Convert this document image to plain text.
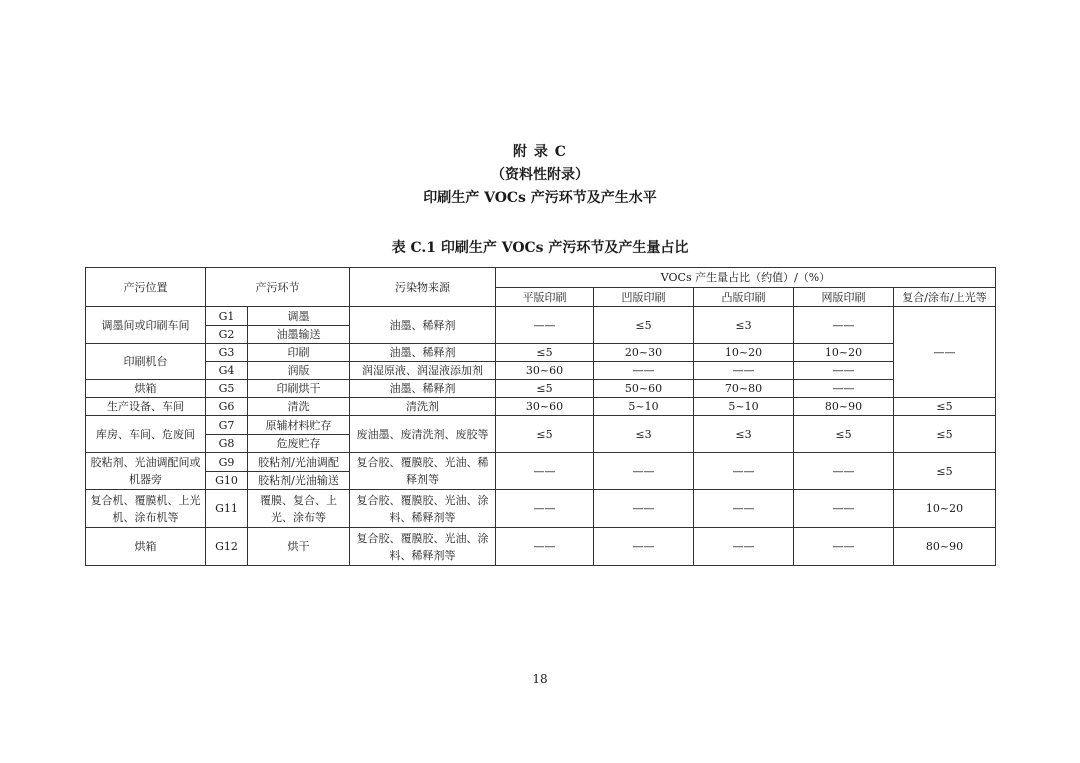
附 录 C
（资料性附录）
印刷生产 VOCs 产污环节及产生水平
表 C.1 印刷生产 VOCs 产污环节及产生量占比
产污位置	产污环节		污染物来源	VOCs 产生量占比（约值）/（%）				
				平版印刷	凹版印刷	凸版印刷	网版印刷	复合/涂布/上光等
调墨间或印刷车间	G1	调墨	油墨、稀释剂	——	≤5	≤3	——	——
	G2	油墨输送						
印刷机台	G3	印刷	油墨、稀释剂	≤5	20~30	10~20	10~20	
	G4	润版	润湿原液、润湿液添加剂	30~60	——	——	——	
烘箱	G5	印刷烘干	油墨、稀释剂	≤5	50~60	70~80	——	
生产设备、车间	G6	清洗	清洗剂	30~60	5~10	5~10	80~90	≤5
库房、车间、危废间	G7	原辅材料贮存	废油墨、废清洗剂、废胶等	≤5	≤3	≤3	≤5	≤5
	G8	危废贮存						
胶粘剂、光油调配间或机器旁	G9	胶粘剂/光油调配	复合胶、覆膜胶、光油、稀释剂等	——	——	——	——	≤5
	G10	胶粘剂/光油输送						
复合机、覆膜机、上光机、涂布机等	G11	覆膜、复合、上光、涂布等	复合胶、覆膜胶、光油、涂料、稀释剂等	——	——	——	——	10~20
烘箱	G12	烘干	复合胶、覆膜胶、光油、涂料、稀释剂等	——	——	——	——	80~90
18
